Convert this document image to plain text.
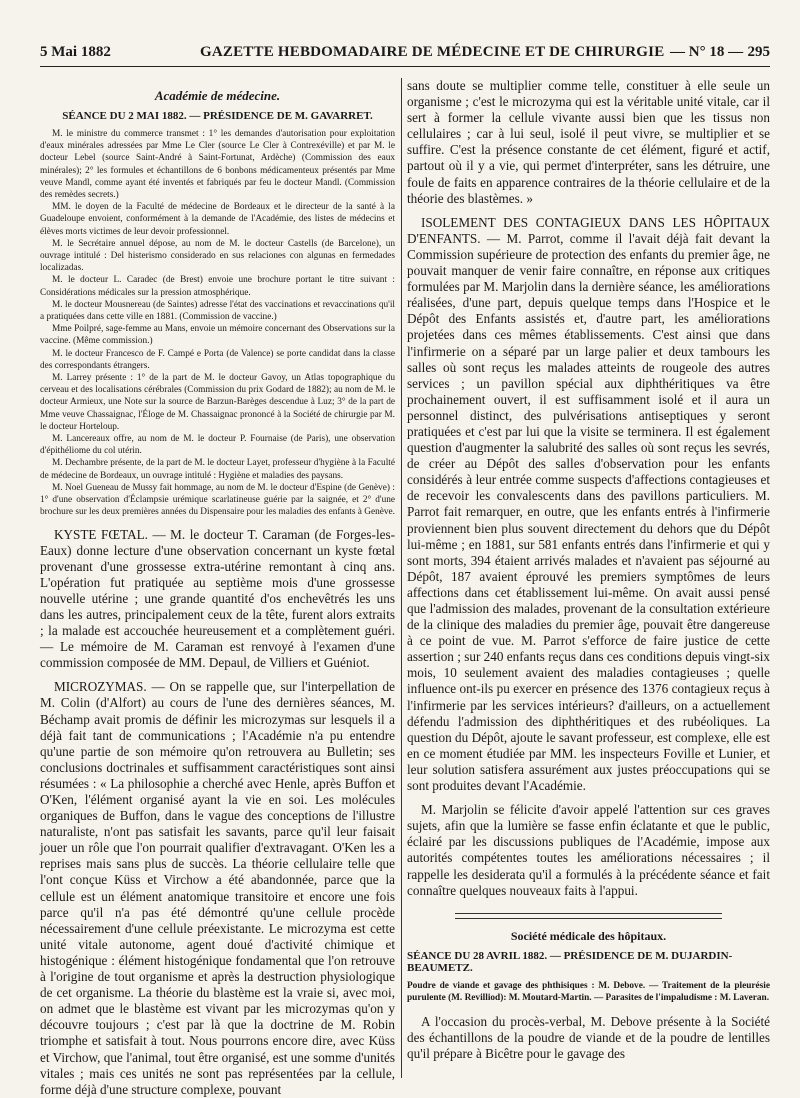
5 Mai 1882	GAZETTE HEBDOMADAIRE DE MÉDECINE ET DE CHIRURGIE — N° 18 — 295
Académie de médecine.
SÉANCE DU 2 MAI 1882. — PRÉSIDENCE DE M. GAVARRET.

M. le ministre du commerce transmet : 1° les demandes d'autorisation pour exploitation d'eaux minérales adressées par Mme Le Cler (source Le Cler à Contrexéville) et par M. le docteur Lebel (source Saint-André à Saint-Fortunat, Ardèche) (Commission des eaux minérales); 2° les formules et échantillons de 6 bonbons médicamenteux présentés par Mme veuve Mandl, comme ayant été inventés et fabriqués par feu le docteur Mandl. (Commission des remèdes secrets.)

MM. le doyen de la Faculté de médecine de Bordeaux et le directeur de la santé à la Guadeloupe envoient, conformément à la demande de l'Académie, des listes de médecins et élèves morts victimes de leur devoir professionnel.

M. le Secrétaire annuel dépose, au nom de M. le docteur Castells (de Barcelone), un ouvrage intitulé : Del histerismo considerado en sus relaciones con algunas en fermedades localizadas.

M. le docteur L. Caradec (de Brest) envoie une brochure portant le titre suivant : Considérations médicales sur la pression atmosphérique.

M. le docteur Mousnereau (de Saintes) adresse l'état des vaccinations et revaccinations qu'il a pratiquées dans cette ville en 1881. (Commission de vaccine.)

Mme Poilpré, sage-femme au Mans, envoie un mémoire concernant des Observations sur la vaccine. (Même commission.)

M. le docteur Francesco de F. Campé e Porta (de Valence) se porte candidat dans la classe des correspondants étrangers.

M. Larrey présente : 1° de la part de M. le docteur Gavoy, un Atlas topographique du cerveau et des localisations cérébrales (Commission du prix Godard de 1882); au nom de M. le docteur Armieux, une Note sur la source de Barzun-Barèges descendue à Luz; 3° de la part de Mme veuve Chassaignac, l'Éloge de M. Chassaignac prononcé à la Société de chirurgie par M. le docteur Horteloup.

M. Lancereaux offre, au nom de M. le docteur P. Fournaise (de Paris), une observation d'épithéliome du col utérin.

M. Dechambre présente, de la part de M. le docteur Layet, professeur d'hygiène à la Faculté de médecine de Bordeaux, un ouvrage intitulé : Hygiène et maladies des paysans.

M. Noel Gueneau de Mussy fait hommage, au nom de M. le docteur d'Espine (de Genève) : 1° d'une observation d'Éclampsie urémique scarlatineuse guérie par la saignée, et 2° d'une brochure sur les deux premières années du Dispensaire pour les maladies des enfants à Genève.

KYSTE FŒTAL. — M. le docteur T. Caraman (de Forges-les-Eaux) donne lecture d'une observation concernant un kyste fœtal provenant d'une grossesse extra-utérine remontant à cinq ans. L'opération fut pratiquée au septième mois d'une grossesse nouvelle utérine ; une grande quantité d'os enchevêtrés les uns dans les autres, principalement ceux de la tête, furent alors extraits ; la malade est accouchée heureusement et a complètement guéri. — Le mémoire de M. Caraman est renvoyé à l'examen d'une commission composée de MM. Depaul, de Villiers et Guéniot.

MICROZYMAS. — On se rappelle que, sur l'interpellation de M. Colin (d'Alfort) au cours de l'une des dernières séances, M. Béchamp avait promis de définir les microzymas sur lesquels il a déjà fait tant de communications ; l'Académie n'a pu entendre qu'une partie de son mémoire qu'on retrouvera au Bulletin; ses conclusions doctrinales et suffisamment caractéristiques sont ainsi résumées : « La philosophie a cherché avec Henle, après Buffon et O'Ken, l'élément organisé ayant la vie en soi. Les molécules organiques de Buffon, dans le vague des conceptions de l'illustre naturaliste, n'ont pas satisfait les savants, parce qu'il leur faisait jouer un rôle que l'on pourrait qualifier d'extravagant. O'Ken les a reprises mais sans plus de succès. La théorie cellulaire telle que l'ont conçue Küss et Virchow a été abandonnée, parce que la cellule est un élément anatomique transitoire et encore une fois parce qu'il n'a pas été démontré qu'une cellule procède nécessairement d'une cellule préexistante. Le microzyma est cette unité vitale autonome, agent doué d'activité chimique et histogénique : élément histogénique fondamental que l'on retrouve à l'origine de tout organisme et après la destruction physiologique de cet organisme. La théorie du blastème est la vraie si, avec moi, on admet que le blastème est vivant par les microzymas qu'on y découvre toujours ; c'est par là que la doctrine de M. Robin triomphe et satisfait à tout. Nous pourrons encore dire, avec Küss et Virchow, que l'animal, tout être organisé, est une somme d'unités vitales ; mais ces unités ne sont pas représentées par la cellule, forme déjà d'une structure complexe, pouvant

sans doute se multiplier comme telle, constituer à elle seule un organisme ; c'est le microzyma qui est la véritable unité vitale, car il sert à former la cellule vivante aussi bien que les tissus non cellulaires ; car à lui seul, isolé il peut vivre, se multiplier et se suffire. C'est la présence constante de cet élément, figuré et actif, partout où il y a vie, qui permet d'interpréter, sans les détruire, une foule de faits en apparence contraires de la théorie cellulaire et de la théorie des blastèmes. »

ISOLEMENT DES CONTAGIEUX DANS LES HÔPITAUX D'ENFANTS. — M. Parrot, comme il l'avait déjà fait devant la Commission supérieure de protection des enfants du premier âge, ne pouvait manquer de venir faire connaître, en réponse aux critiques formulées par M. Marjolin dans la dernière séance, les améliorations réalisées, d'une part, depuis quelque temps dans l'Hospice et le Dépôt des Enfants assistés et, d'autre part, les améliorations projetées dans ces mêmes établissements. C'est ainsi que dans l'infirmerie on a séparé par un large palier et deux tambours les salles où sont reçus les malades atteints de rougeole des autres services ; un pavillon spécial aux diphthéritiques va être prochainement ouvert, il est suffisamment isolé et il aura un personnel distinct, des pulvérisations antiseptiques y seront pratiquées et c'est par lui que la visite se terminera. Il est également question d'augmenter la salubrité des salles où sont reçus les sevrés, de créer au Dépôt des salles d'observation pour les enfants considérés à leur entrée comme suspects d'affections contagieuses et de recevoir les convalescents dans des pavillons particuliers. M. Parrot fait remarquer, en outre, que les enfants entrés à l'infirmerie proviennent bien plus souvent directement du dehors que du Dépôt lui-même ; en 1881, sur 581 enfants entrés dans l'infirmerie et qui y sont morts, 394 étaient arrivés malades et n'avaient pas séjourné au Dépôt, 187 avaient éprouvé les premiers symptômes de leurs affections dans cet établissement lui-même. On avait aussi pensé que l'admission des malades, provenant de la consultation extérieure de la clinique des maladies du premier âge, pouvait être dangereuse à ce point de vue. M. Parrot s'efforce de faire justice de cette assertion ; sur 240 enfants reçus dans ces conditions depuis vingt-six mois, 10 seulement avaient des maladies contagieuses ; quelle influence ont-ils pu exercer en présence des 1376 contagieux reçus à l'infirmerie par les services intérieurs? d'ailleurs, on a actuellement défendu l'admission des diphthéritiques et des rubéoliques. La question du Dépôt, ajoute le savant professeur, est complexe, elle est en ce moment étudiée par MM. les inspecteurs Foville et Lunier, et leur solution satisfera assurément aux justes préoccupations qui se sont produites devant l'Académie.

M. Marjolin se félicite d'avoir appelé l'attention sur ces graves sujets, afin que la lumière se fasse enfin éclatante et que le public, éclairé par les discussions publiques de l'Académie, impose aux autorités compétentes toutes les améliorations nécessaires ; il rappelle les desiderata qu'il a formulés à la précédente séance et fait connaître quelques nouveaux faits à l'appui.

Société médicale des hôpitaux.
SÉANCE DU 28 AVRIL 1882. — PRÉSIDENCE DE M. DUJARDIN-BEAUMETZ.
Poudre de viande et gavage des phthisiques : M. Debove. — Traitement de la pleurésie purulente (M. Revilliod): M. Moutard-Martin. — Parasites de l'impaludisme : M. Laveran.

A l'occasion du procès-verbal, M. Debove présente à la Société des échantillons de la poudre de viande et de la poudre de lentilles qu'il prépare à Bicêtre pour le gavage des
